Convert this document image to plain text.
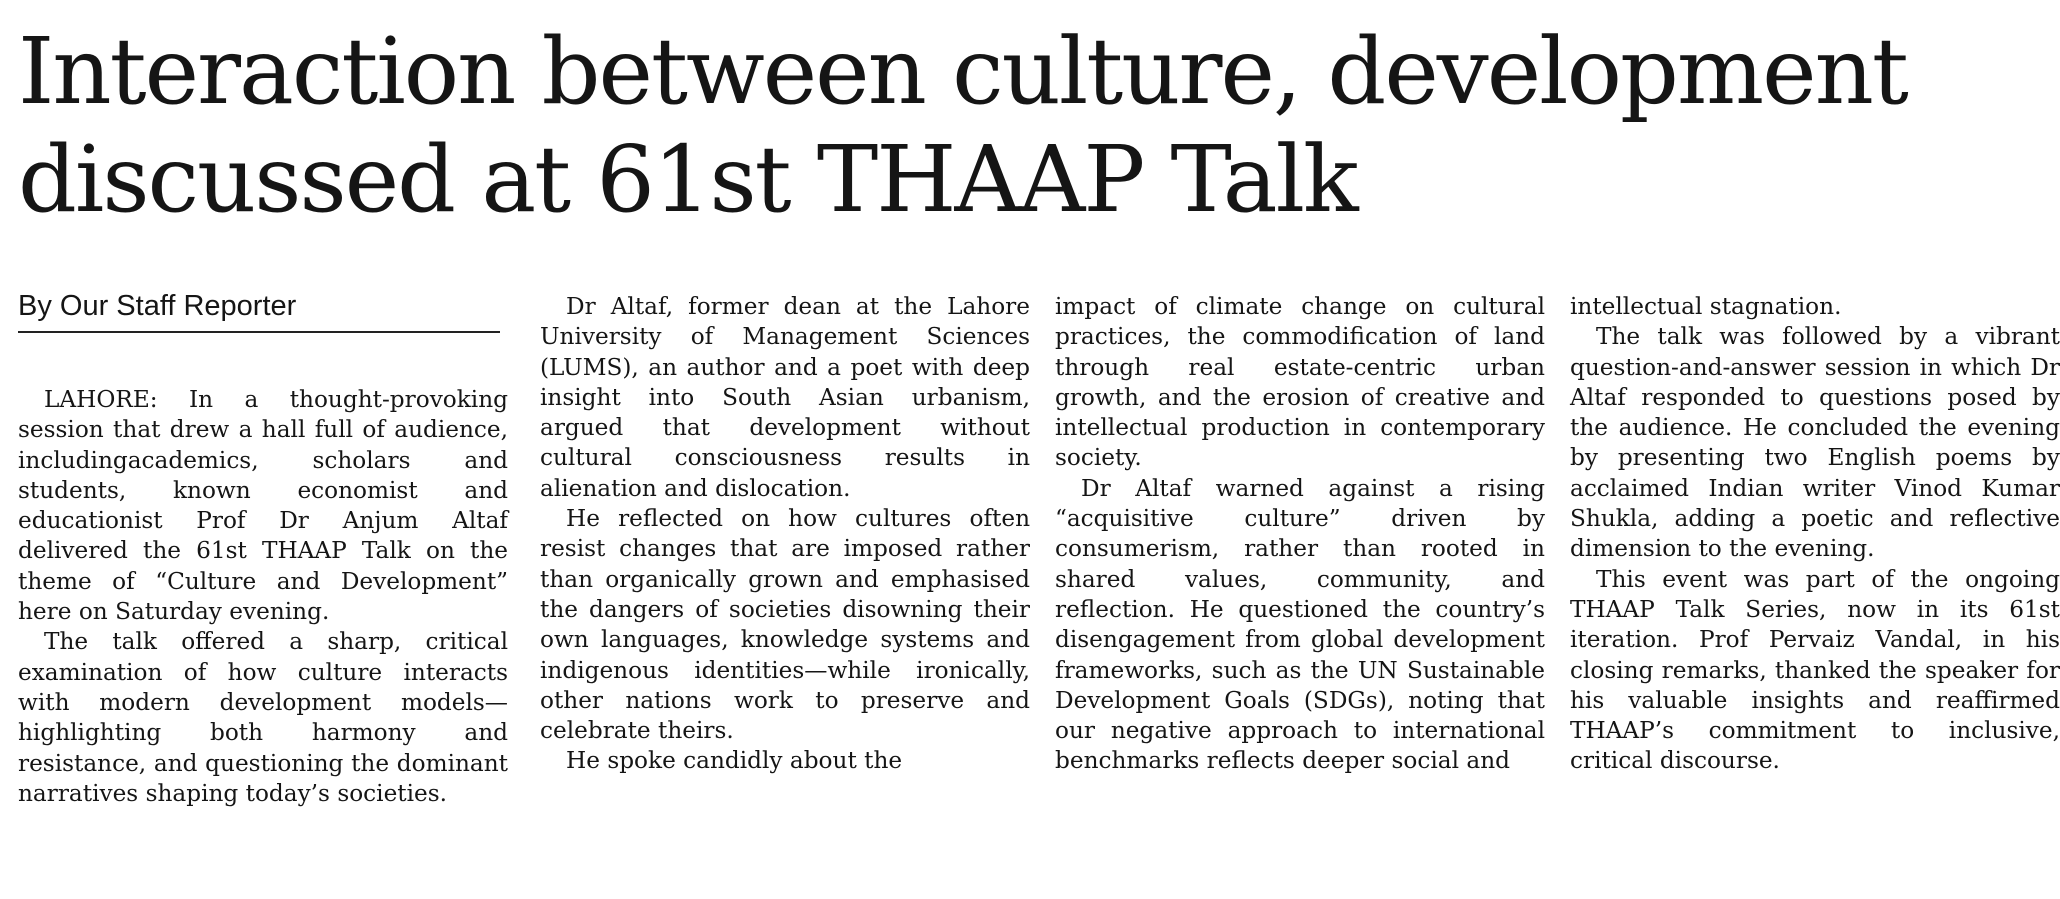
Interaction between culture, development
discussed at 61st THAAP Talk
By Our Staff Reporter

LAHORE: In a thought-provoking session that drew a hall full of audience, includingacademics, scholars and students, known economist and educationist Prof Dr Anjum Altaf delivered the 61st THAAP Talk on the theme of “Culture and Development” here on Saturday evening.

The talk offered a sharp, critical examination of how culture interacts with modern development models—highlighting both harmony and resistance, and questioning the dominant narratives shaping today’s societies.

Dr Altaf, former dean at the Lahore University of Management Sciences (LUMS), an author and a poet with deep insight into South Asian urbanism, argued that development without cultural consciousness results in alienation and dislocation.

He reflected on how cultures often resist changes that are imposed rather than organically grown and emphasised the dangers of societies disowning their own languages, knowledge systems and indigenous identities—while ironically, other nations work to preserve and celebrate theirs.

He spoke candidly about the

impact of climate change on cultural practices, the commodification of land through real estate-centric urban growth, and the erosion of creative and intellectual production in contemporary society.

Dr Altaf warned against a rising “acquisitive culture” driven by consumerism, rather than rooted in shared values, community, and reflection. He questioned the country’s disengagement from global development frameworks, such as the UN Sustainable Development Goals (SDGs), noting that our negative approach to international benchmarks reflects deeper social and

intellectual stagnation.

The talk was followed by a vibrant question-and-answer session in which Dr Altaf responded to questions posed by the audience. He concluded the evening by presenting two English poems by acclaimed Indian writer Vinod Kumar Shukla, adding a poetic and reflective dimension to the evening.

This event was part of the ongoing THAAP Talk Series, now in its 61st iteration. Prof Pervaiz Vandal, in his closing remarks, thanked the speaker for his valuable insights and reaffirmed THAAP’s commitment to inclusive, critical discourse.
